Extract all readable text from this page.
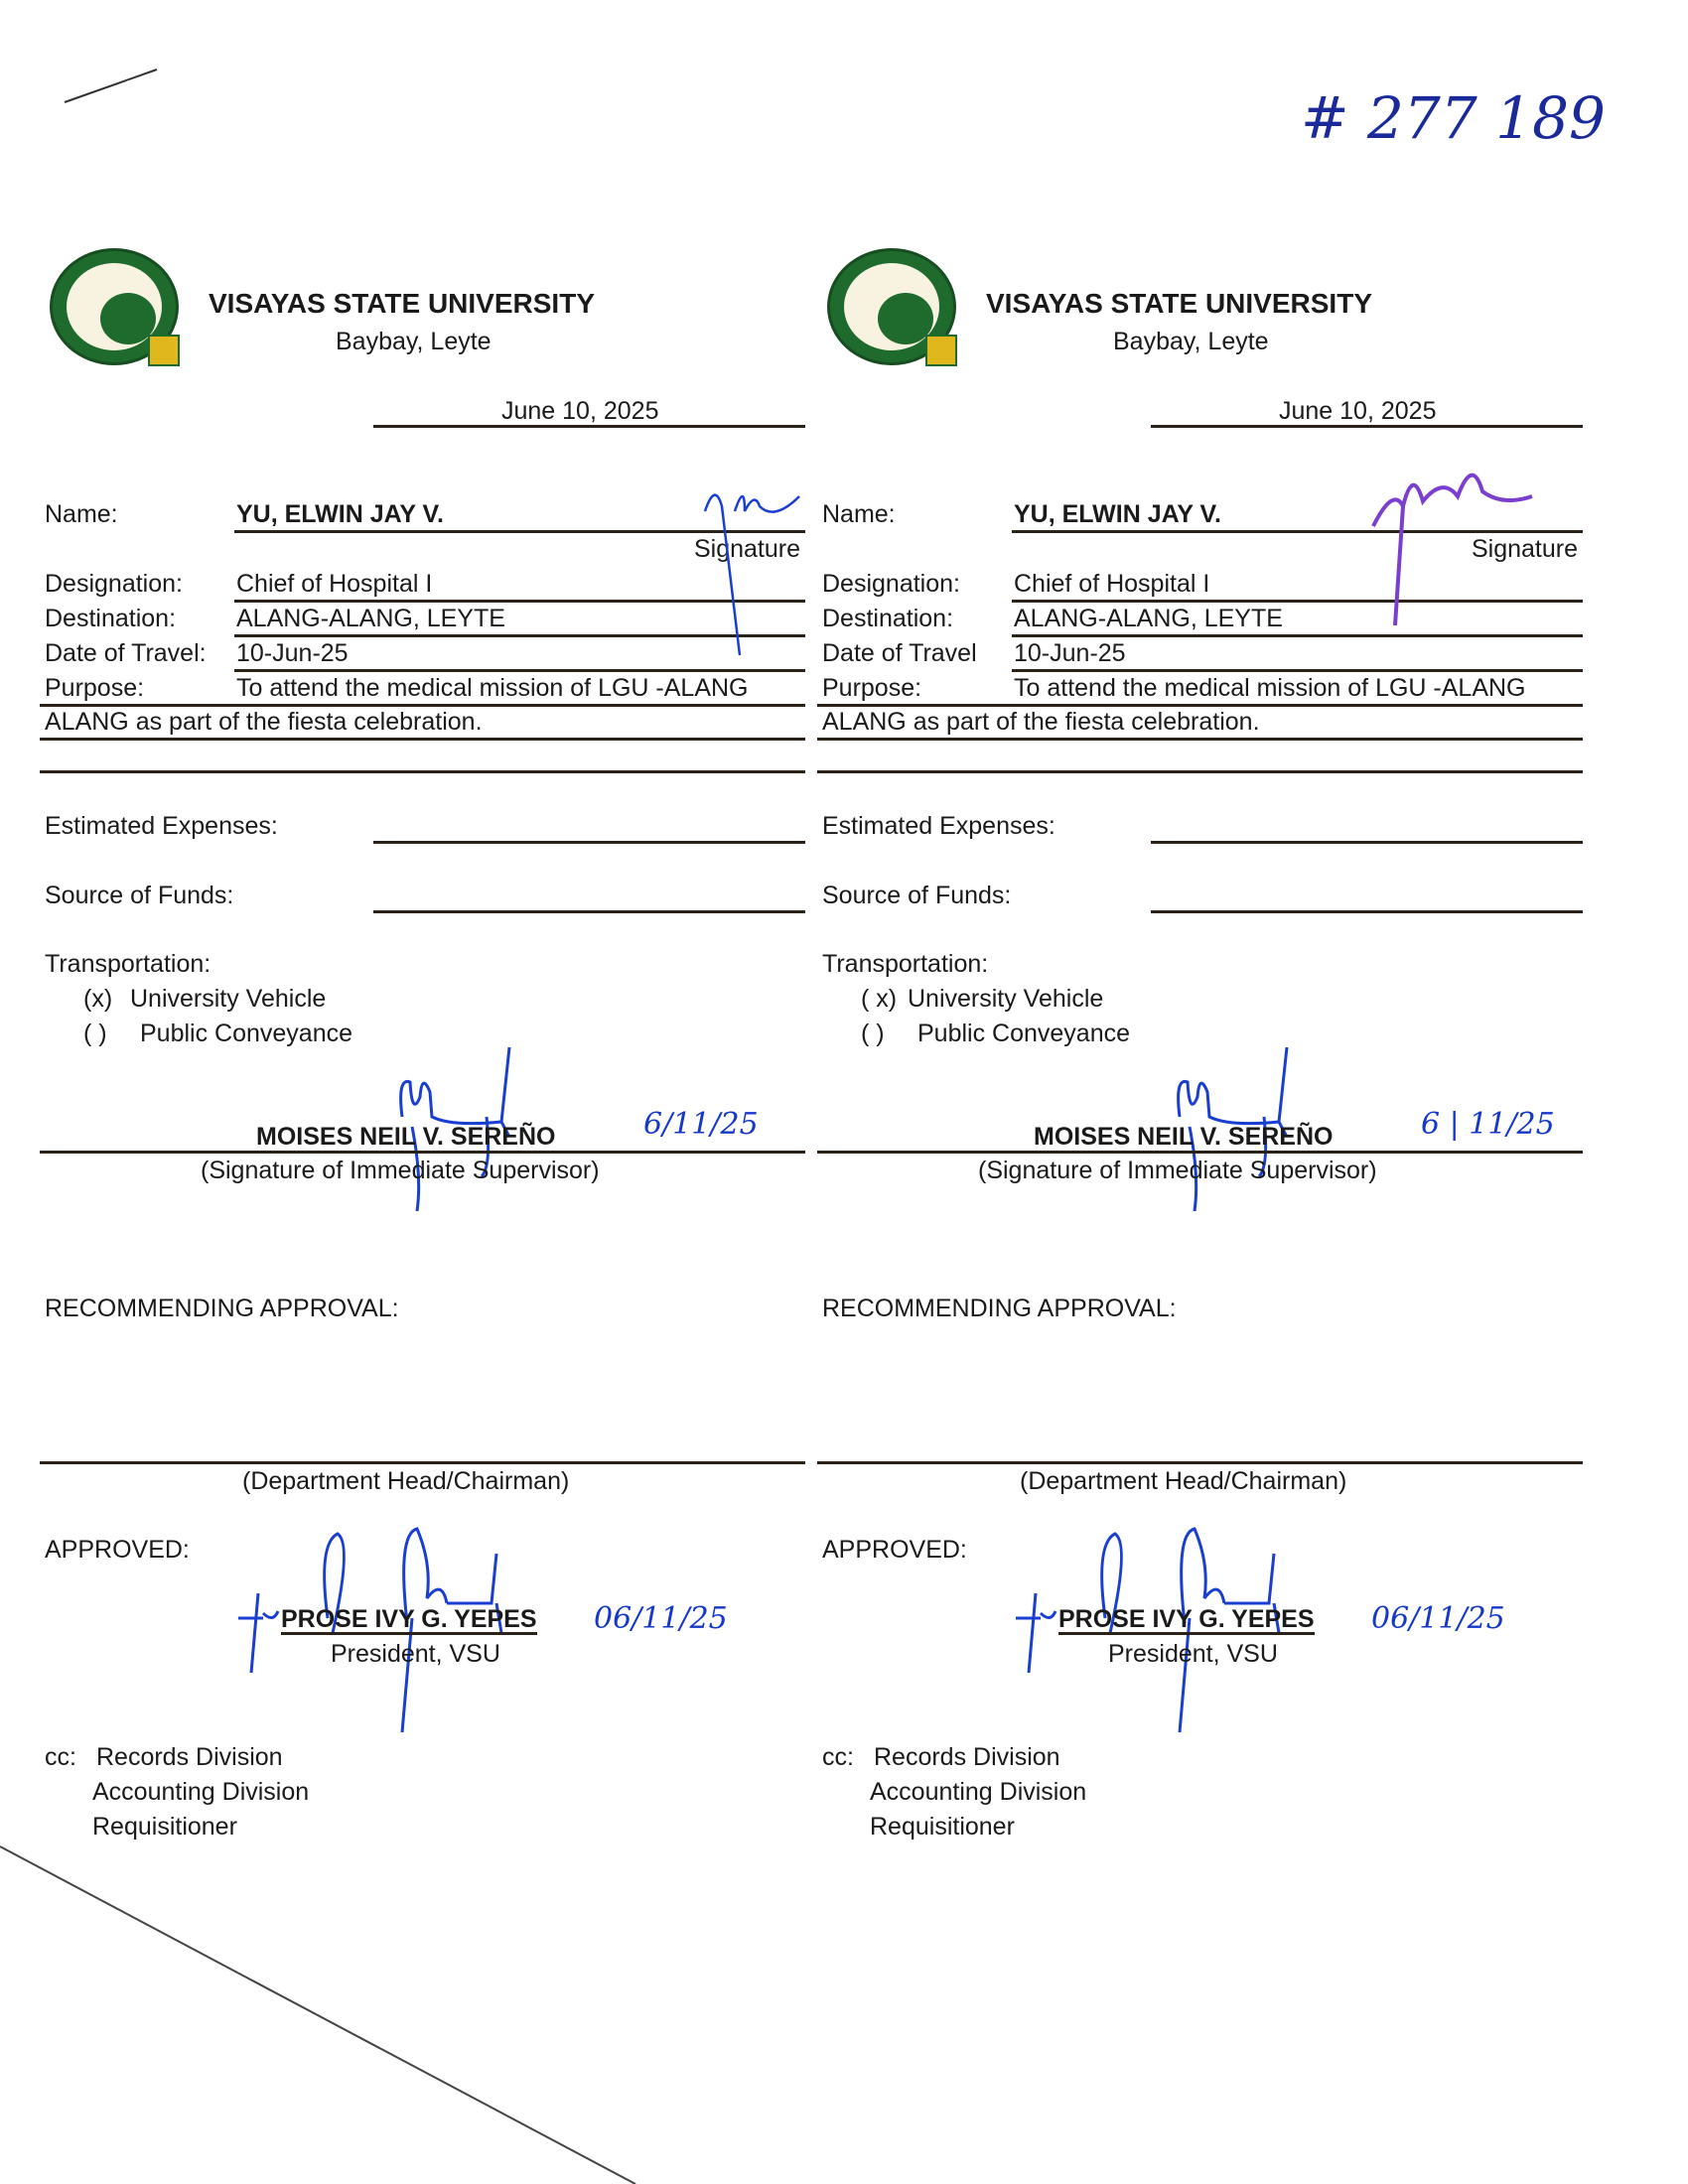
# 277 189
VISAYAS STATE UNIVERSITY
Baybay, Leyte
June 10, 2025
Name:	YU, ELWIN JAY V.
Signature
Designation: Chief of Hospital I
Destination: ALANG-ALANG, LEYTE
Date of Travel: 10-Jun-25
Purpose:	To attend the medical mission of LGU -ALANG
ALANG as part of the fiesta celebration.
Estimated Expenses:
Source of Funds:
Transportation:
(x) University Vehicle
( ) Public Conveyance
MOISES NEIL V. SEREÑO	6/11/25
(Signature of Immediate Supervisor)
RECOMMENDING APPROVAL:
(Department Head/Chairman)
APPROVED:
PROSE IVY G. YEPES 06/11/25
President, VSU
cc: Records Division
Accounting Division
Requisitioner
VISAYAS STATE UNIVERSITY
Baybay, Leyte
June 10, 2025
Name:	YU, ELWIN JAY V.
Signature
Designation: Chief of Hospital I
Destination: ALANG-ALANG, LEYTE
Date of Travel 10-Jun-25
Purpose:	To attend the medical mission of LGU -ALANG
ALANG as part of the fiesta celebration.
Estimated Expenses:
Source of Funds:
Transportation:
( x) University Vehicle
( ) Public Conveyance
MOISES NEIL V. SEREÑO	6 | 11/25
(Signature of Immediate Supervisor)
RECOMMENDING APPROVAL:
(Department Head/Chairman)
APPROVED:
PROSE IVY G. YEPES 06/11/25
President, VSU
cc: Records Division
Accounting Division
Requisitioner
